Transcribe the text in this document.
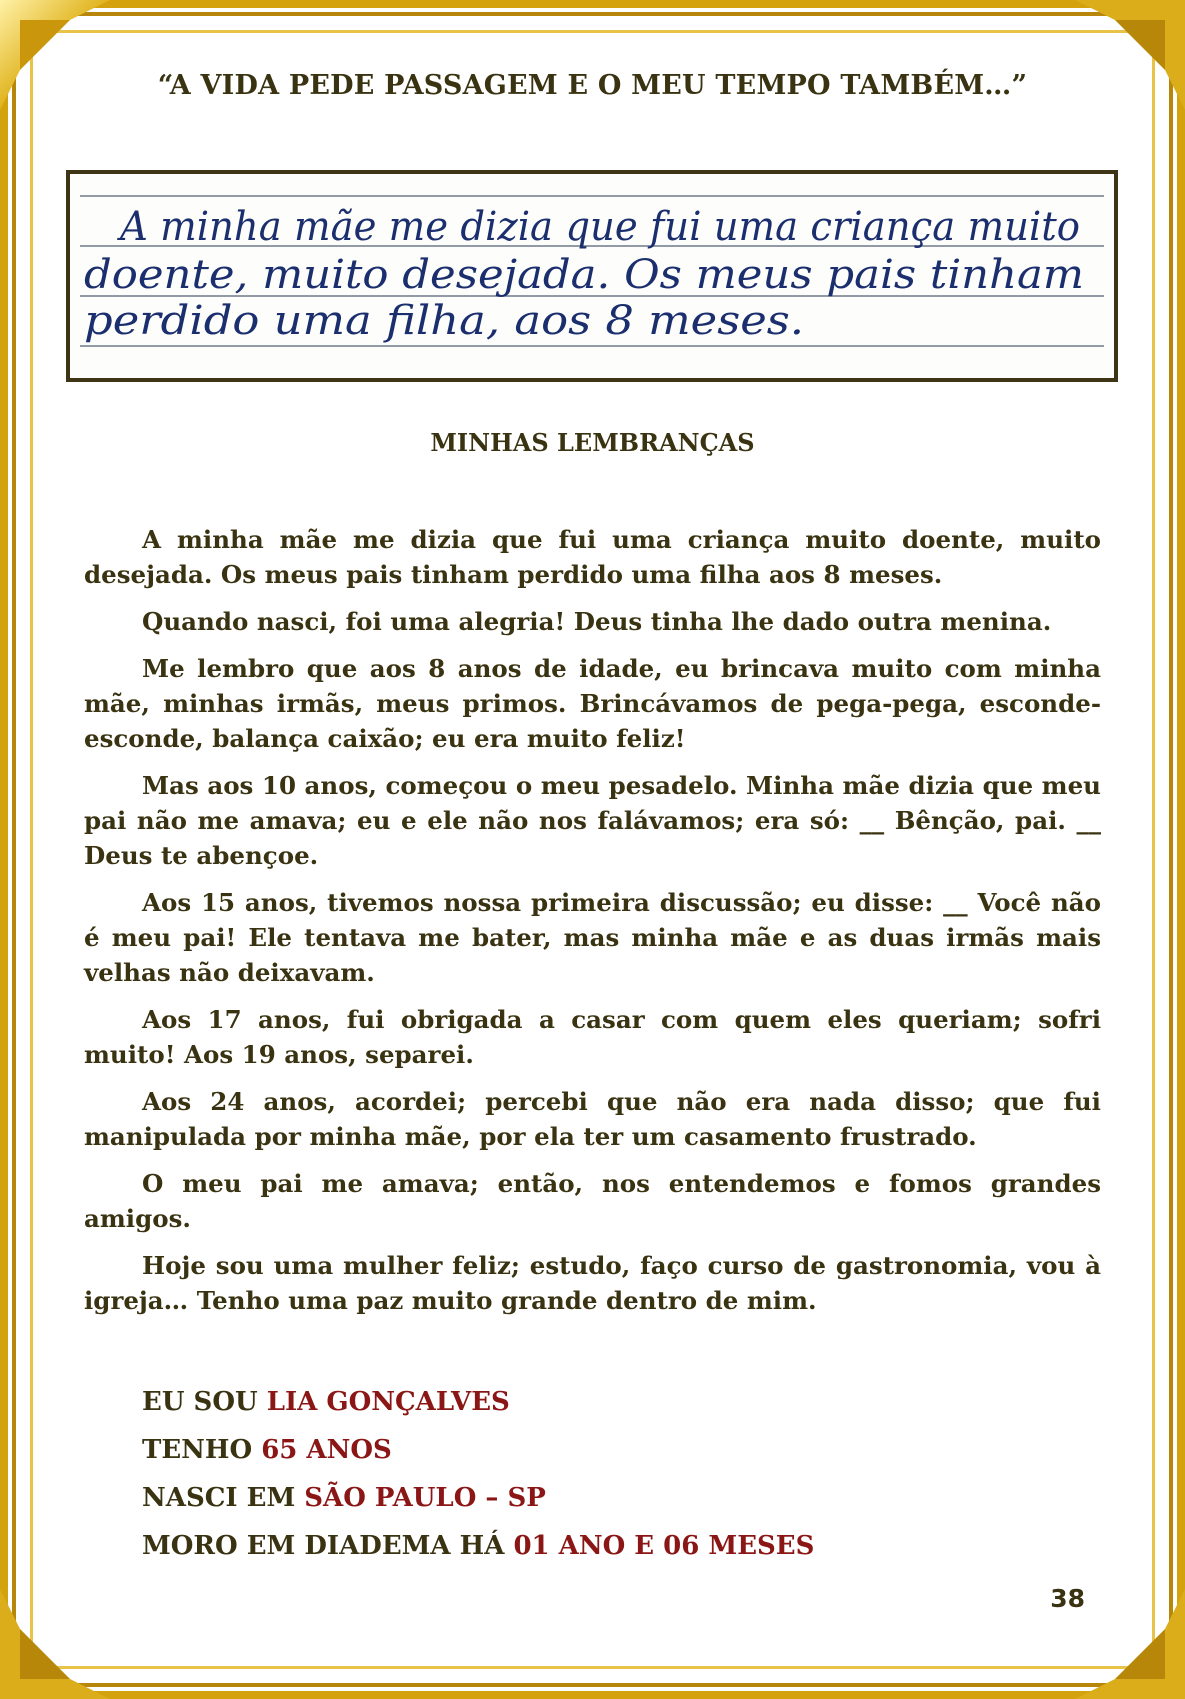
“A VIDA PEDE PASSAGEM E O MEU TEMPO TAMBÉM…”
A minha mãe me dizia que fui uma criança muito
doente, muito desejada. Os meus pais tinham
perdido uma filha, aos 8 meses.
MINHAS LEMBRANÇAS

A minha mãe me dizia que fui uma criança muito doente, muito desejada. Os meus pais tinham perdido uma filha aos 8 meses.

Quando nasci, foi uma alegria! Deus tinha lhe dado outra menina.

Me lembro que aos 8 anos de idade, eu brincava muito com minha mãe, minhas irmãs, meus primos. Brincávamos de pega-pega, esconde-esconde, balança caixão; eu era muito feliz!

Mas aos 10 anos, começou o meu pesadelo. Minha mãe dizia que meu pai não me amava; eu e ele não nos falávamos; era só: __ Bênção, pai. __ Deus te abençoe.

Aos 15 anos, tivemos nossa primeira discussão; eu disse: __ Você não é meu pai! Ele tentava me bater, mas minha mãe e as duas irmãs mais velhas não deixavam.

Aos 17 anos, fui obrigada a casar com quem eles queriam; sofri muito! Aos 19 anos, separei.

Aos 24 anos, acordei; percebi que não era nada disso; que fui manipulada por minha mãe, por ela ter um casamento frustrado.

O meu pai me amava; então, nos entendemos e fomos grandes amigos.

Hoje sou uma mulher feliz; estudo, faço curso de gastronomia, vou à igreja… Tenho uma paz muito grande dentro de mim.

EU SOU LIA GONÇALVES
TENHO 65 ANOS
NASCI EM SÃO PAULO – SP
MORO EM DIADEMA HÁ 01 ANO E 06 MESES
38
